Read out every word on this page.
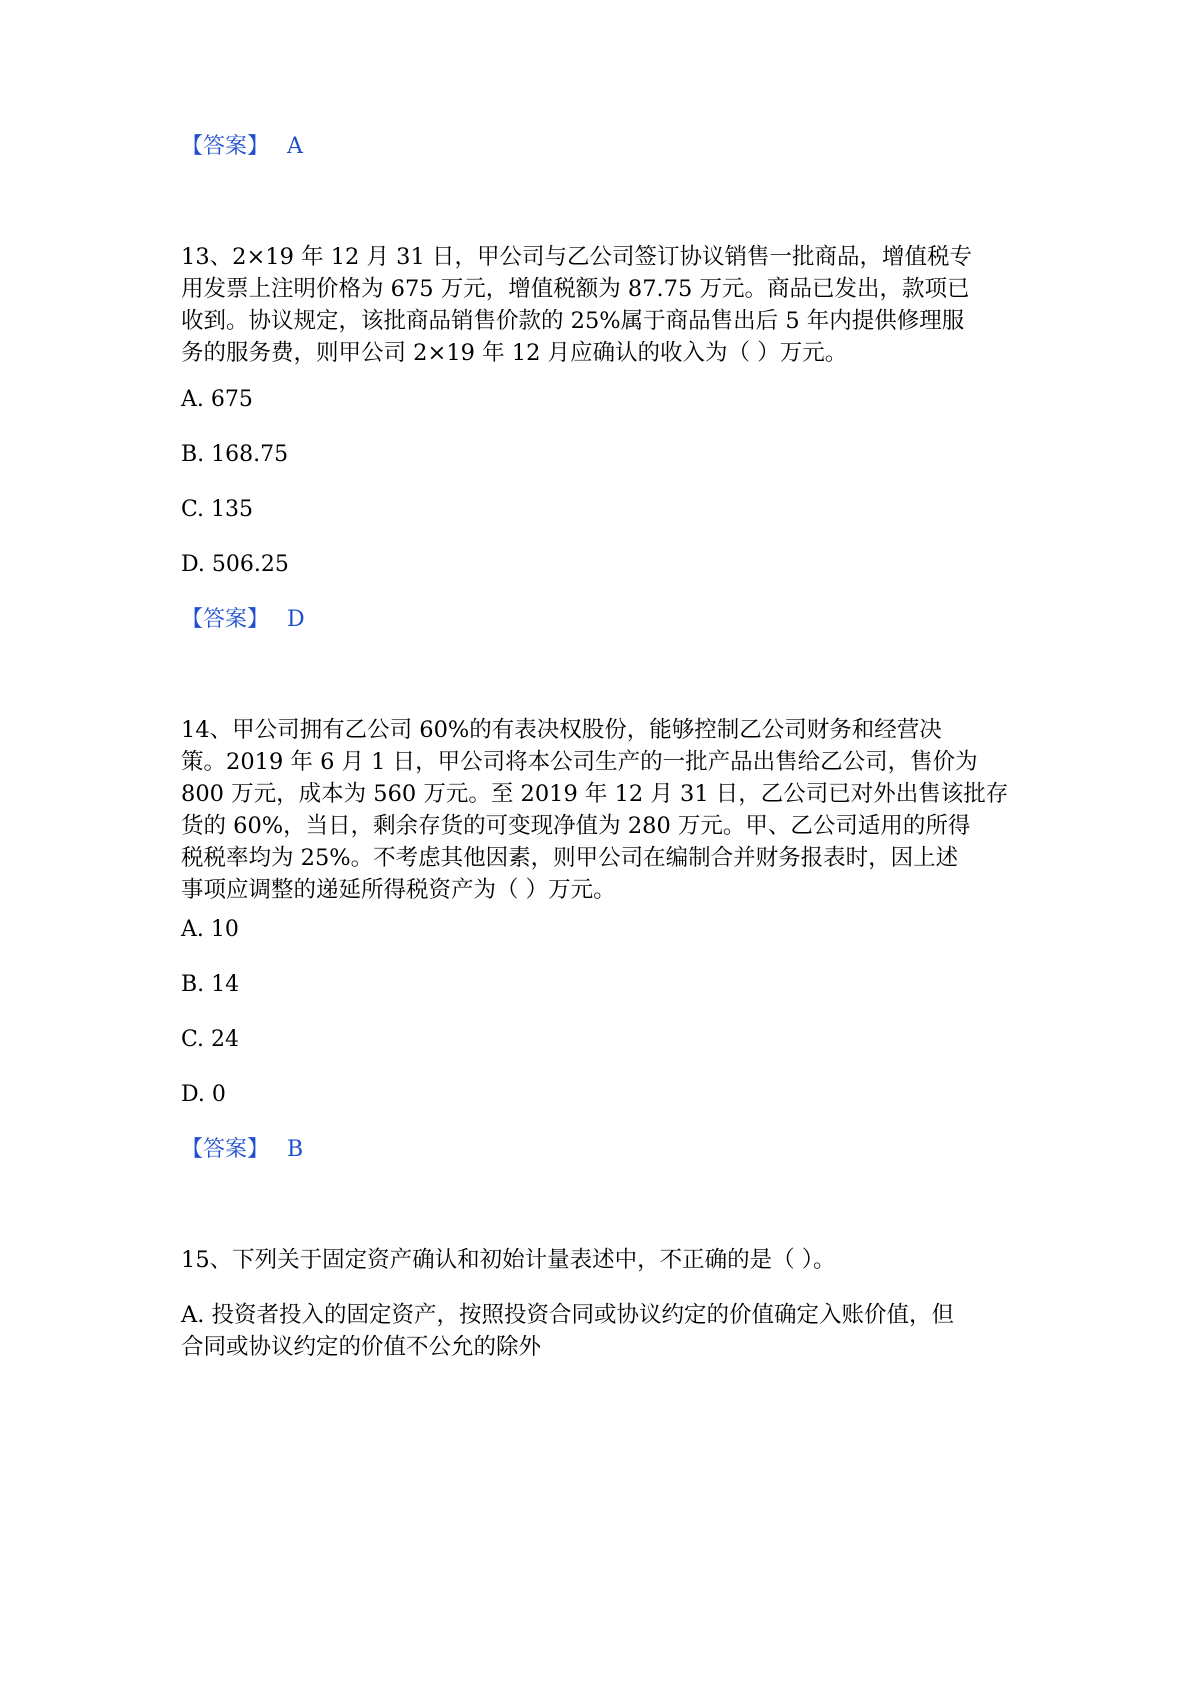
【答案】 A
13、2×19 年 12 月 31 日，甲公司与乙公司签订协议销售一批商品，增值税专
用发票上注明价格为 675 万元，增值税额为 87.75 万元。商品已发出，款项已
收到。协议规定，该批商品销售价款的 25%属于商品售出后 5 年内提供修理服
务的服务费，则甲公司 2×19 年 12 月应确认的收入为（ ）万元。
A. 675
B. 168.75
C. 135
D. 506.25
【答案】 D
14、甲公司拥有乙公司 60%的有表决权股份，能够控制乙公司财务和经营决
策。2019 年 6 月 1 日，甲公司将本公司生产的一批产品出售给乙公司，售价为
800 万元，成本为 560 万元。至 2019 年 12 月 31 日，乙公司已对外出售该批存
货的 60%，当日，剩余存货的可变现净值为 280 万元。甲、乙公司适用的所得
税税率均为 25%。不考虑其他因素，则甲公司在编制合并财务报表时，因上述
事项应调整的递延所得税资产为（ ）万元。
A. 10
B. 14
C. 24
D. 0
【答案】 B
15、下列关于固定资产确认和初始计量表述中，不正确的是（ ）。
A. 投资者投入的固定资产，按照投资合同或协议约定的价值确定入账价值，但
合同或协议约定的价值不公允的除外
